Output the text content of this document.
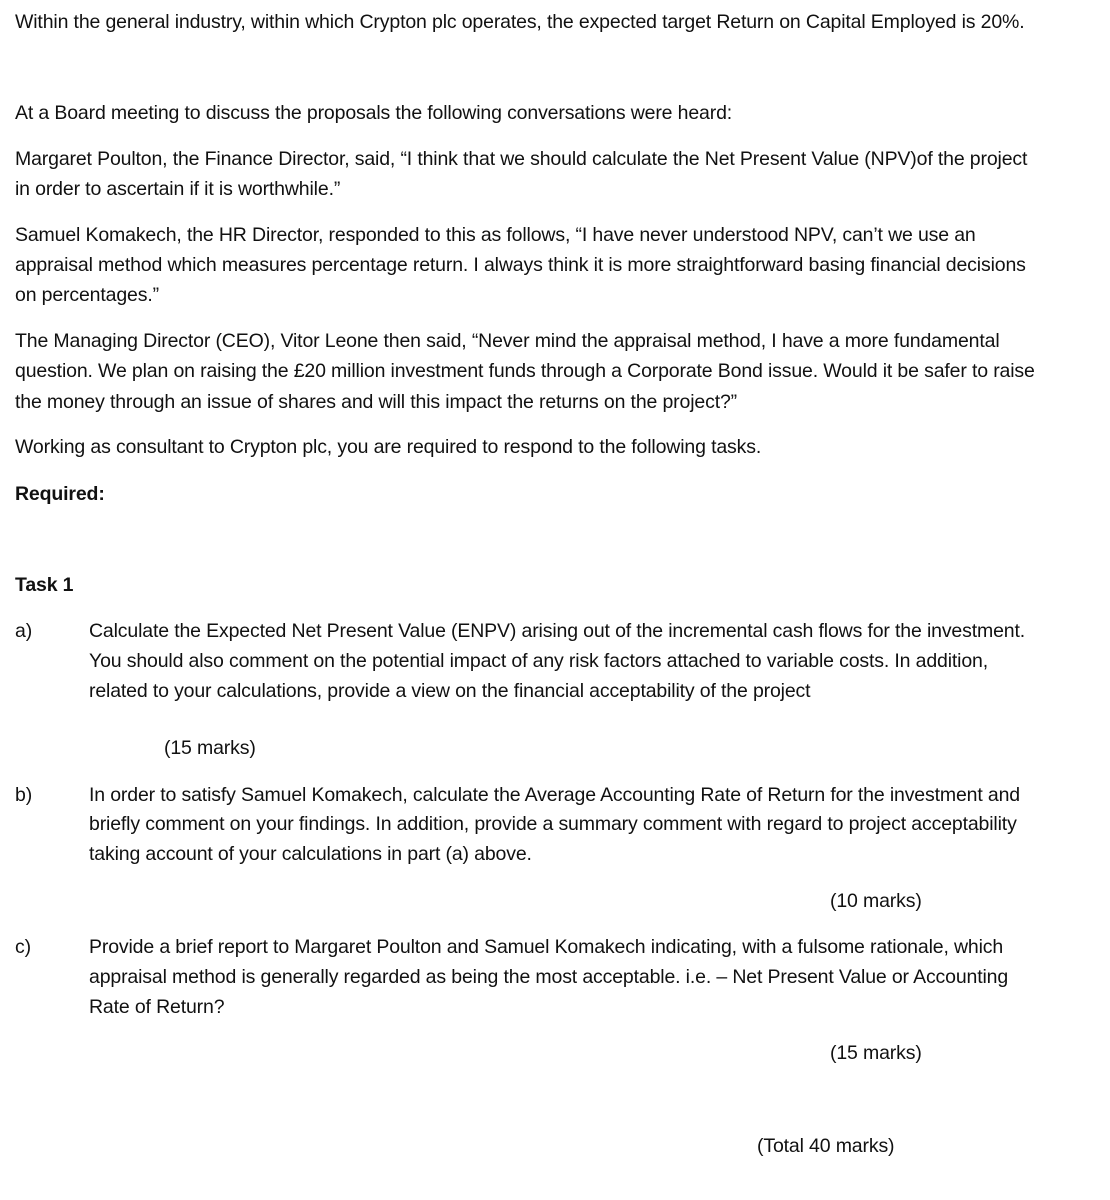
Within the general industry, within which Crypton plc operates, the expected target Return on Capital Employed is 20%.

At a Board meeting to discuss the proposals the following conversations were heard:

Margaret Poulton, the Finance Director, said, “I think that we should calculate the Net Present Value (NPV)of the project

in order to ascertain if it is worthwhile.”

Samuel Komakech, the HR Director, responded to this as follows, “I have never understood NPV, can’t we use an

appraisal method which measures percentage return. I always think it is more straightforward basing financial decisions

on percentages.”

The Managing Director (CEO), Vitor Leone then said, “Never mind the appraisal method, I have a more fundamental

question. We plan on raising the £20 million investment funds through a Corporate Bond issue. Would it be safer to raise

the money through an issue of shares and will this impact the returns on the project?”

Working as consultant to Crypton plc, you are required to respond to the following tasks.

Required:

Task 1

a)	Calculate the Expected Net Present Value (ENPV) arising out of the incremental cash flows for the investment.
You should also comment on the potential impact of any risk factors attached to variable costs. In addition,
related to your calculations, provide a view on the financial acceptability of the project
(15 marks)
b)	In order to satisfy Samuel Komakech, calculate the Average Accounting Rate of Return for the investment and
briefly comment on your findings. In addition, provide a summary comment with regard to project acceptability
taking account of your calculations in part (a) above.
(10 marks)
c)	Provide a brief report to Margaret Poulton and Samuel Komakech indicating, with a fulsome rationale, which
appraisal method is generally regarded as being the most acceptable. i.e. – Net Present Value or Accounting
Rate of Return?
(15 marks)
(Total 40 marks)
